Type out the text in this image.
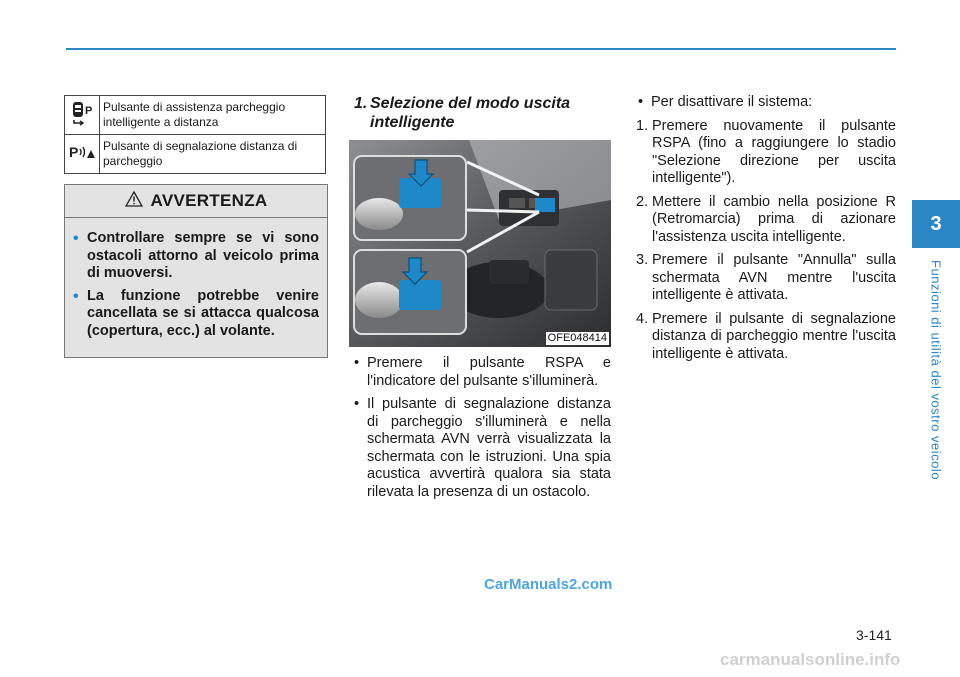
3
Funzioni di utilità del vostro veicolo
P	Pulsante di assistenza parcheggio intelligente a distanza

P	Pulsante di segnalazione distanza di parcheggio
AVVERTENZA
• Controllare sempre se vi sono ostacoli attorno al veicolo prima di muoversi.
• La funzione potrebbe venire cancellata se si attacca qualcosa (copertura, ecc.) al volante.
1. Selezione del modo uscita intelligente
OFE048414
• Premere il pulsante RSPA e l'indicatore del pulsante s'illuminerà.
• Il pulsante di segnalazione distanza di parcheggio s'illuminerà e nella schermata AVN verrà visualizzata la schermata con le istruzioni. Una spia acustica avvertirà qualora sia stata rilevata la presenza di un ostacolo.
• Per disattivare il sistema:
1. Premere nuovamente il pulsante RSPA (fino a raggiungere lo stadio "Selezione direzione per uscita intelligente").
2. Mettere il cambio nella posizione R (Retromarcia) prima di azionare l'assistenza uscita intelligente.
3. Premere il pulsante "Annulla" sulla schermata AVN mentre l'uscita intelligente è attivata.
4. Premere il pulsante di segnalazione distanza di parcheggio mentre l'uscita intelligente è attivata.
CarManuals2.com
3-141
carmanualsonline.info
